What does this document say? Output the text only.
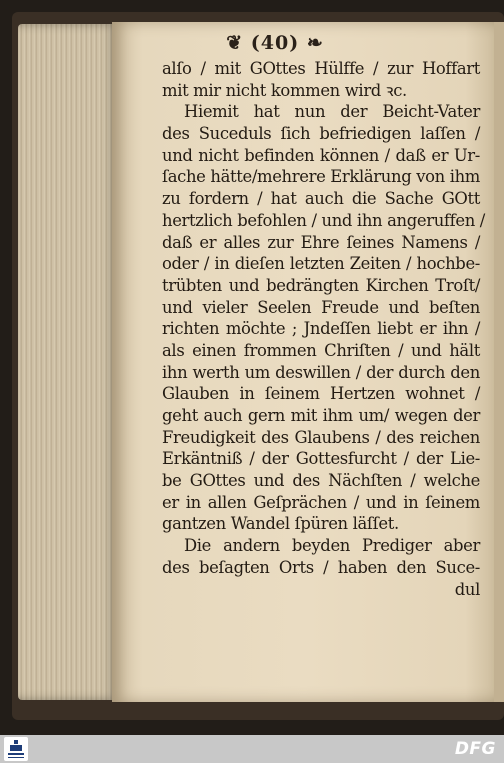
❦ (40) ❧
alſo / mit GOttes Hülffe / zur Hoffart
mit mir nicht kommen wird ꝛc.
Hiemit hat nun der Beicht-Vater
des Suceduls ſich befriedigen laſſen /
und nicht befinden können / daß er Ur-
ſache hätte/mehrere Erklärung von ihm
zu fordern / hat auch die Sache GOtt
hertzlich befohlen / und ihn angeruffen /
daß er alles zur Ehre ſeines Namens /
oder / in dieſen letzten Zeiten / hochbe-
trübten und bedrängten Kirchen Troſt/
und vieler Seelen Freude und beſten
richten möchte ; Jndeſſen liebt er ihn /
als einen frommen Chriſten / und hält
ihn werth um deswillen / der durch den
Glauben in ſeinem Hertzen wohnet /
geht auch gern mit ihm um/ wegen der
Freudigkeit des Glaubens / des reichen
Erkäntniß / der Gottesfurcht / der Lie-
be GOttes und des Nächſten / welche
er in allen Geſprächen / und in ſeinem
gantzen Wandel ſpüren läſſet.
Die andern beyden Prediger aber
des beſagten Orts / haben den Suce-
dul
DFG
